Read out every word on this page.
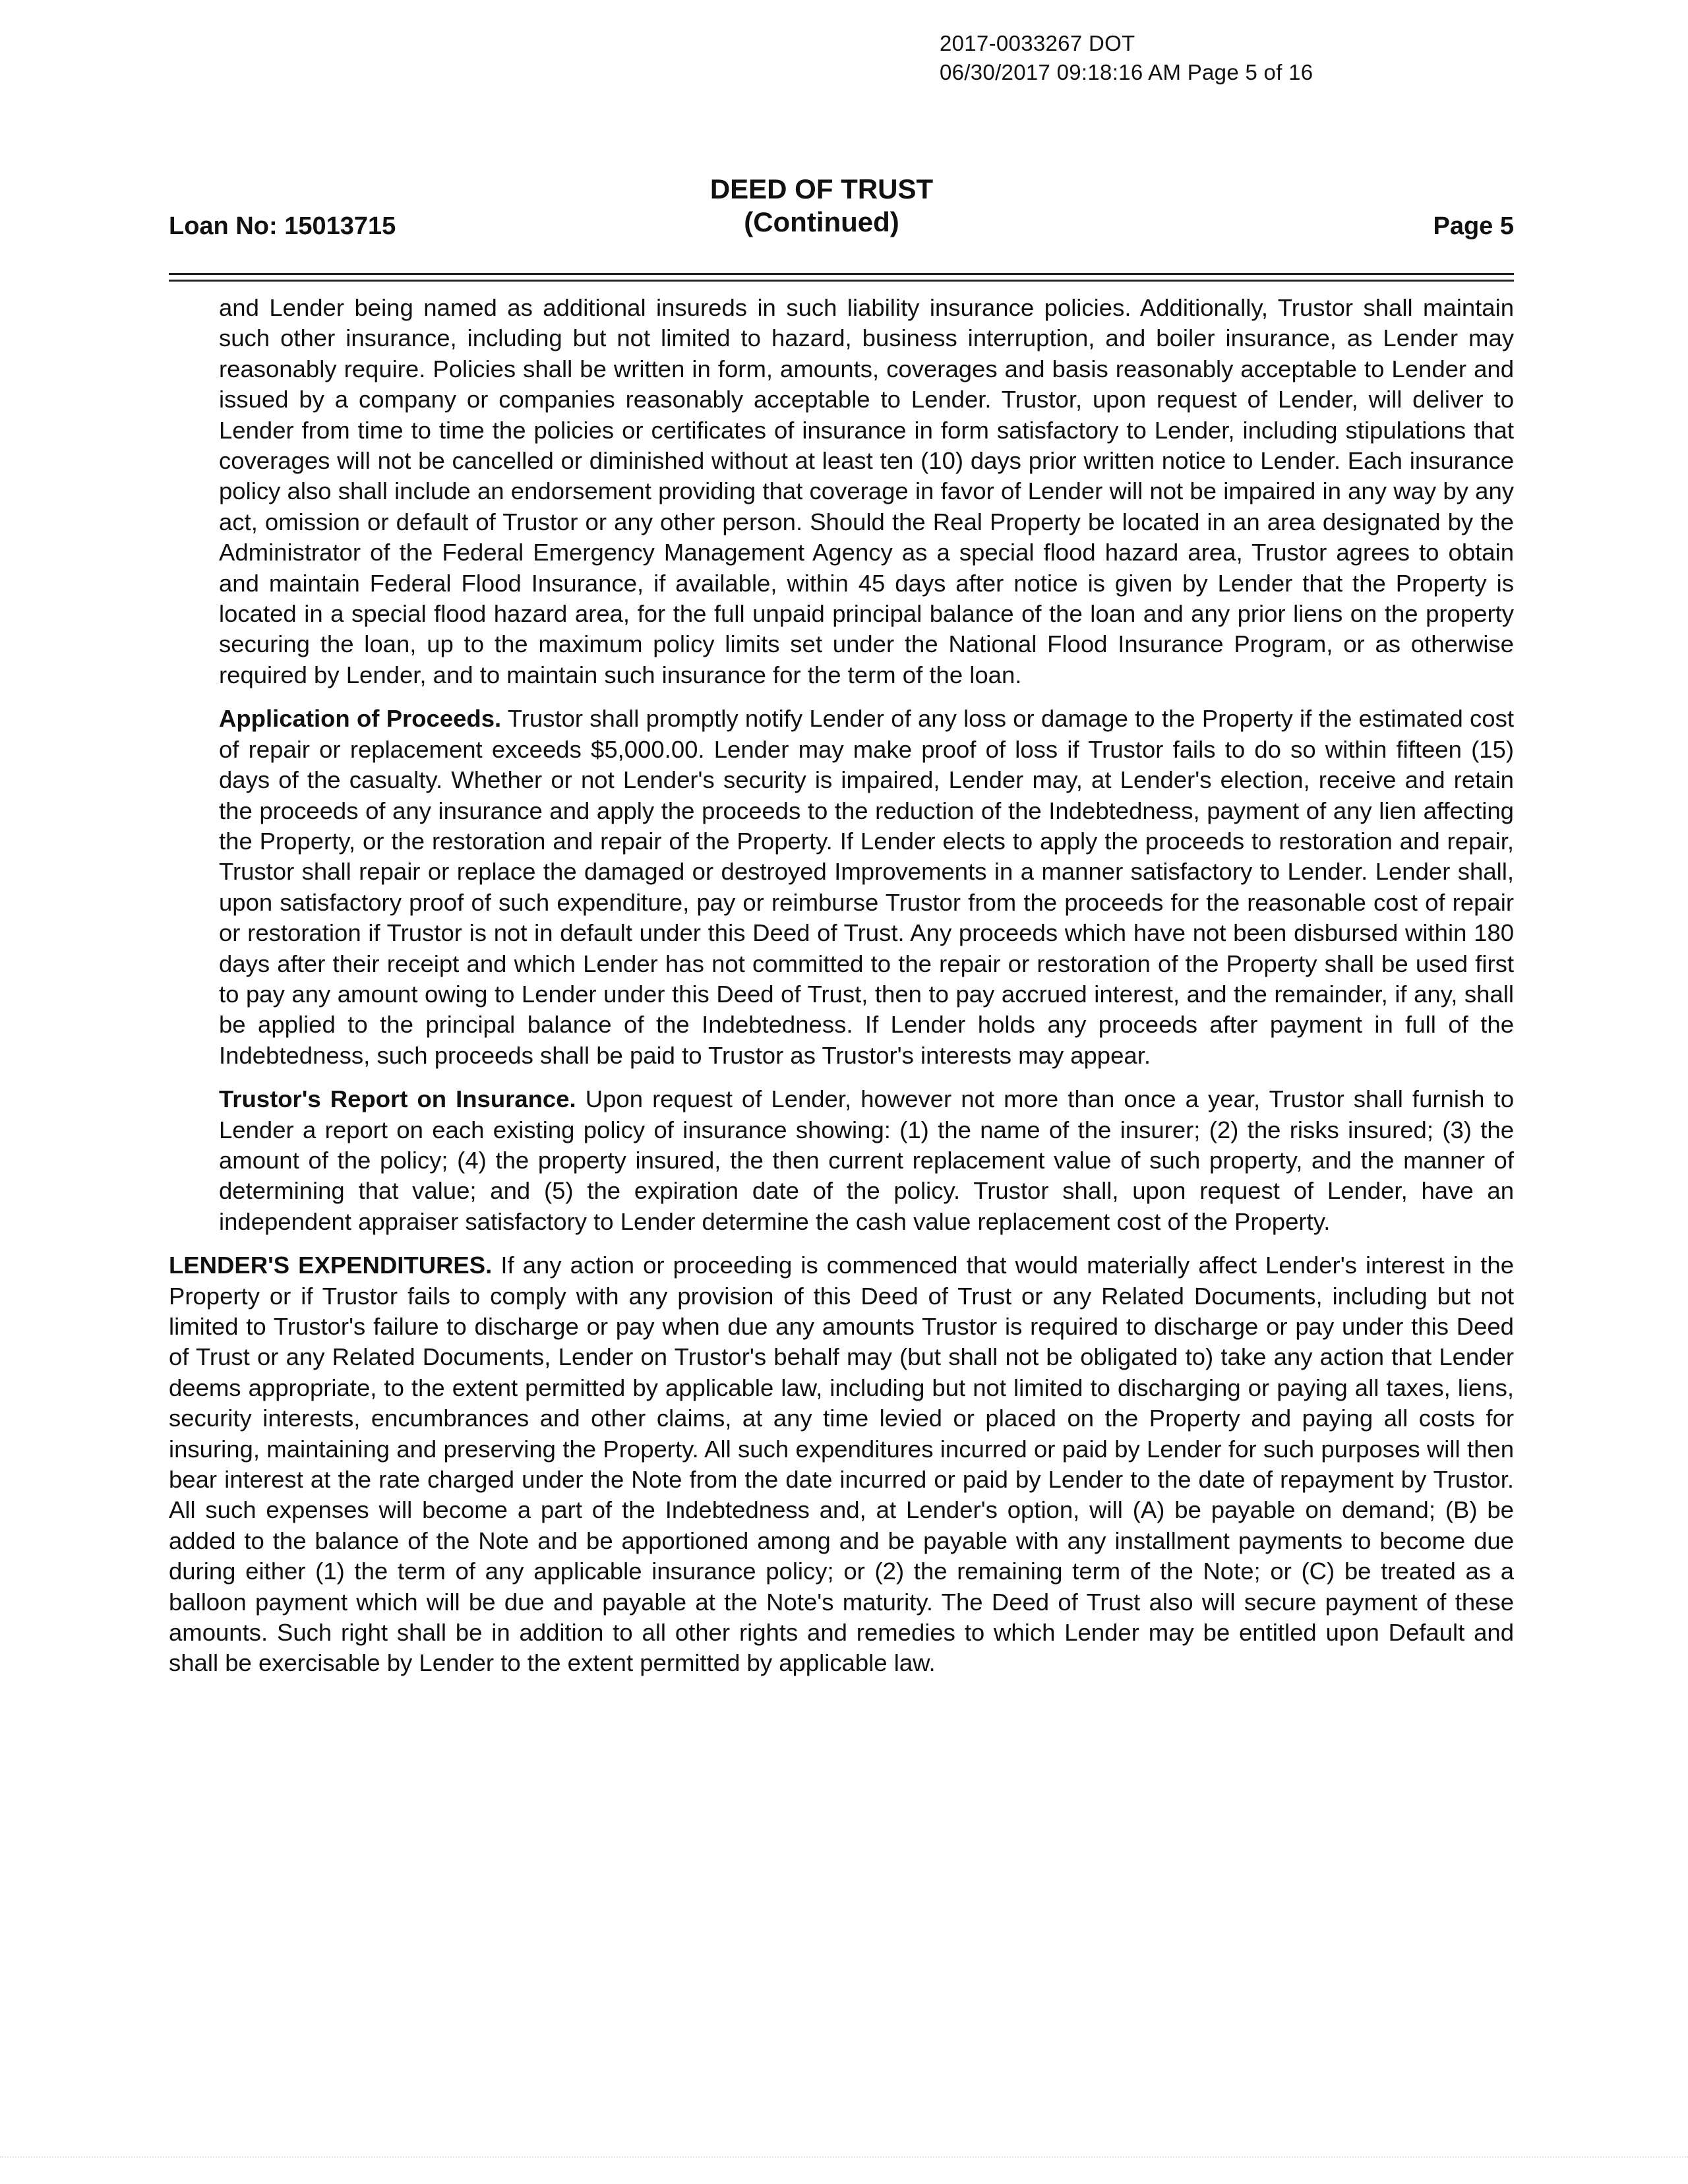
2017-0033267 DOT
06/30/2017 09:18:16 AM Page 5 of 16
Loan No: 15013715
DEED OF TRUST
(Continued)	Page 5

and Lender being named as additional insureds in such liability insurance policies. Additionally, Trustor shall maintain such other insurance, including but not limited to hazard, business interruption, and boiler insurance, as Lender may reasonably require. Policies shall be written in form, amounts, coverages and basis reasonably acceptable to Lender and issued by a company or companies reasonably acceptable to Lender. Trustor, upon request of Lender, will deliver to Lender from time to time the policies or certificates of insurance in form satisfactory to Lender, including stipulations that coverages will not be cancelled or diminished without at least ten (10) days prior written notice to Lender. Each insurance policy also shall include an endorsement providing that coverage in favor of Lender will not be impaired in any way by any act, omission or default of Trustor or any other person. Should the Real Property be located in an area designated by the Administrator of the Federal Emergency Management Agency as a special flood hazard area, Trustor agrees to obtain and maintain Federal Flood Insurance, if available, within 45 days after notice is given by Lender that the Property is located in a special flood hazard area, for the full unpaid principal balance of the loan and any prior liens on the property securing the loan, up to the maximum policy limits set under the National Flood Insurance Program, or as otherwise required by Lender, and to maintain such insurance for the term of the loan.

Application of Proceeds. Trustor shall promptly notify Lender of any loss or damage to the Property if the estimated cost of repair or replacement exceeds $5,000.00. Lender may make proof of loss if Trustor fails to do so within fifteen (15) days of the casualty. Whether or not Lender's security is impaired, Lender may, at Lender's election, receive and retain the proceeds of any insurance and apply the proceeds to the reduction of the Indebtedness, payment of any lien affecting the Property, or the restoration and repair of the Property. If Lender elects to apply the proceeds to restoration and repair, Trustor shall repair or replace the damaged or destroyed Improvements in a manner satisfactory to Lender. Lender shall, upon satisfactory proof of such expenditure, pay or reimburse Trustor from the proceeds for the reasonable cost of repair or restoration if Trustor is not in default under this Deed of Trust. Any proceeds which have not been disbursed within 180 days after their receipt and which Lender has not committed to the repair or restoration of the Property shall be used first to pay any amount owing to Lender under this Deed of Trust, then to pay accrued interest, and the remainder, if any, shall be applied to the principal balance of the Indebtedness. If Lender holds any proceeds after payment in full of the Indebtedness, such proceeds shall be paid to Trustor as Trustor's interests may appear.

Trustor's Report on Insurance. Upon request of Lender, however not more than once a year, Trustor shall furnish to Lender a report on each existing policy of insurance showing: (1) the name of the insurer; (2) the risks insured; (3) the amount of the policy; (4) the property insured, the then current replacement value of such property, and the manner of determining that value; and (5) the expiration date of the policy. Trustor shall, upon request of Lender, have an independent appraiser satisfactory to Lender determine the cash value replacement cost of the Property.

LENDER'S EXPENDITURES. If any action or proceeding is commenced that would materially affect Lender's interest in the Property or if Trustor fails to comply with any provision of this Deed of Trust or any Related Documents, including but not limited to Trustor's failure to discharge or pay when due any amounts Trustor is required to discharge or pay under this Deed of Trust or any Related Documents, Lender on Trustor's behalf may (but shall not be obligated to) take any action that Lender deems appropriate, to the extent permitted by applicable law, including but not limited to discharging or paying all taxes, liens, security interests, encumbrances and other claims, at any time levied or placed on the Property and paying all costs for insuring, maintaining and preserving the Property. All such expenditures incurred or paid by Lender for such purposes will then bear interest at the rate charged under the Note from the date incurred or paid by Lender to the date of repayment by Trustor. All such expenses will become a part of the Indebtedness and, at Lender's option, will (A) be payable on demand; (B) be added to the balance of the Note and be apportioned among and be payable with any installment payments to become due during either (1) the term of any applicable insurance policy; or (2) the remaining term of the Note; or (C) be treated as a balloon payment which will be due and payable at the Note's maturity. The Deed of Trust also will secure payment of these amounts. Such right shall be in addition to all other rights and remedies to which Lender may be entitled upon Default and shall be exercisable by Lender to the extent permitted by applicable law.
